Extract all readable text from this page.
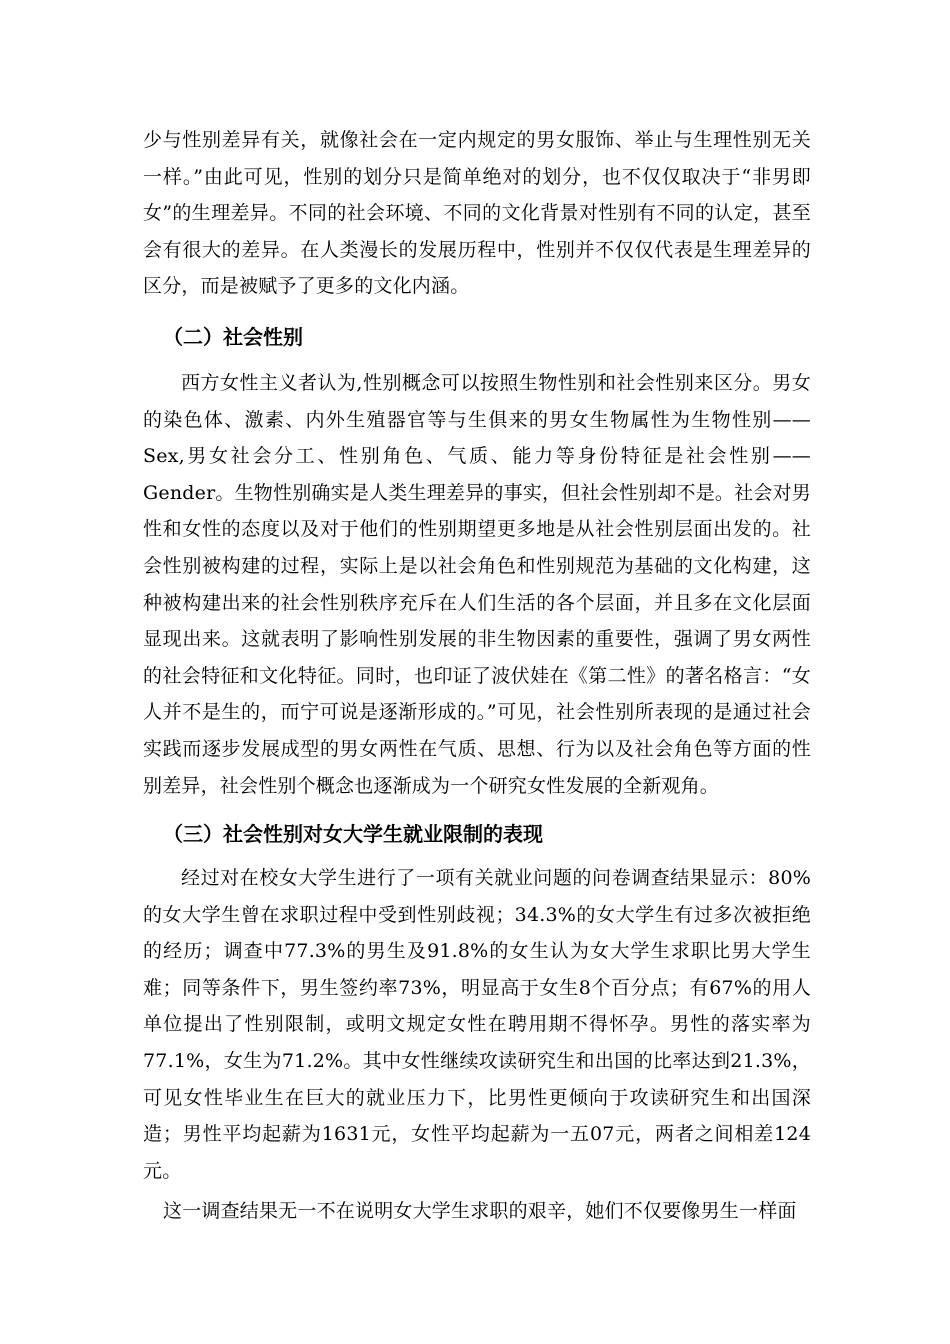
少与性别差异有关，就像社会在一定内规定的男女服饰、举止与生理性别无关一样。”由此可见，性别的划分只是简单绝对的划分，也不仅仅取决于“非男即女”的生理差异。不同的社会环境、不同的文化背景对性别有不同的认定，甚至会有很大的差异。在人类漫长的发展历程中，性别并不仅仅代表是生理差异的区分，而是被赋予了更多的文化内涵。

（二）社会性别

西方女性主义者认为,性别概念可以按照生物性别和社会性别来区分。男女的染色体、激素、内外生殖器官等与生俱来的男女生物属性为生物性别——Sex,男女社会分工、性别角色、气质、能力等身份特征是社会性别——Gender。生物性别确实是人类生理差异的事实，但社会性别却不是。社会对男性和女性的态度以及对于他们的性别期望更多地是从社会性别层面出发的。社会性别被构建的过程，实际上是以社会角色和性别规范为基础的文化构建，这种被构建出来的社会性别秩序充斥在人们生活的各个层面，并且多在文化层面显现出来。这就表明了影响性别发展的非生物因素的重要性，强调了男女两性的社会特征和文化特征。同时，也印证了波伏娃在《第二性》的著名格言：“女人并不是生的，而宁可说是逐渐形成的。”可见，社会性别所表现的是通过社会实践而逐步发展成型的男女两性在气质、思想、行为以及社会角色等方面的性别差异，社会性别个概念也逐渐成为一个研究女性发展的全新观角。

（三）社会性别对女大学生就业限制的表现

经过对在校女大学生进行了一项有关就业问题的问卷调查结果显示：80%的女大学生曾在求职过程中受到性别歧视；34.3%的女大学生有过多次被拒绝的经历；调查中77.3%的男生及91.8%的女生认为女大学生求职比男大学生难；同等条件下，男生签约率73%，明显高于女生8个百分点；有67%的用人单位提出了性别限制，或明文规定女性在聘用期不得怀孕。男性的落实率为77.1%，女生为71.2%。其中女性继续攻读研究生和出国的比率达到21.3%，可见女性毕业生在巨大的就业压力下，比男性更倾向于攻读研究生和出国深造；男性平均起薪为1631元，女性平均起薪为一五07元，两者之间相差124元。

这一调查结果无一不在说明女大学生求职的艰辛，她们不仅要像男生一样面
